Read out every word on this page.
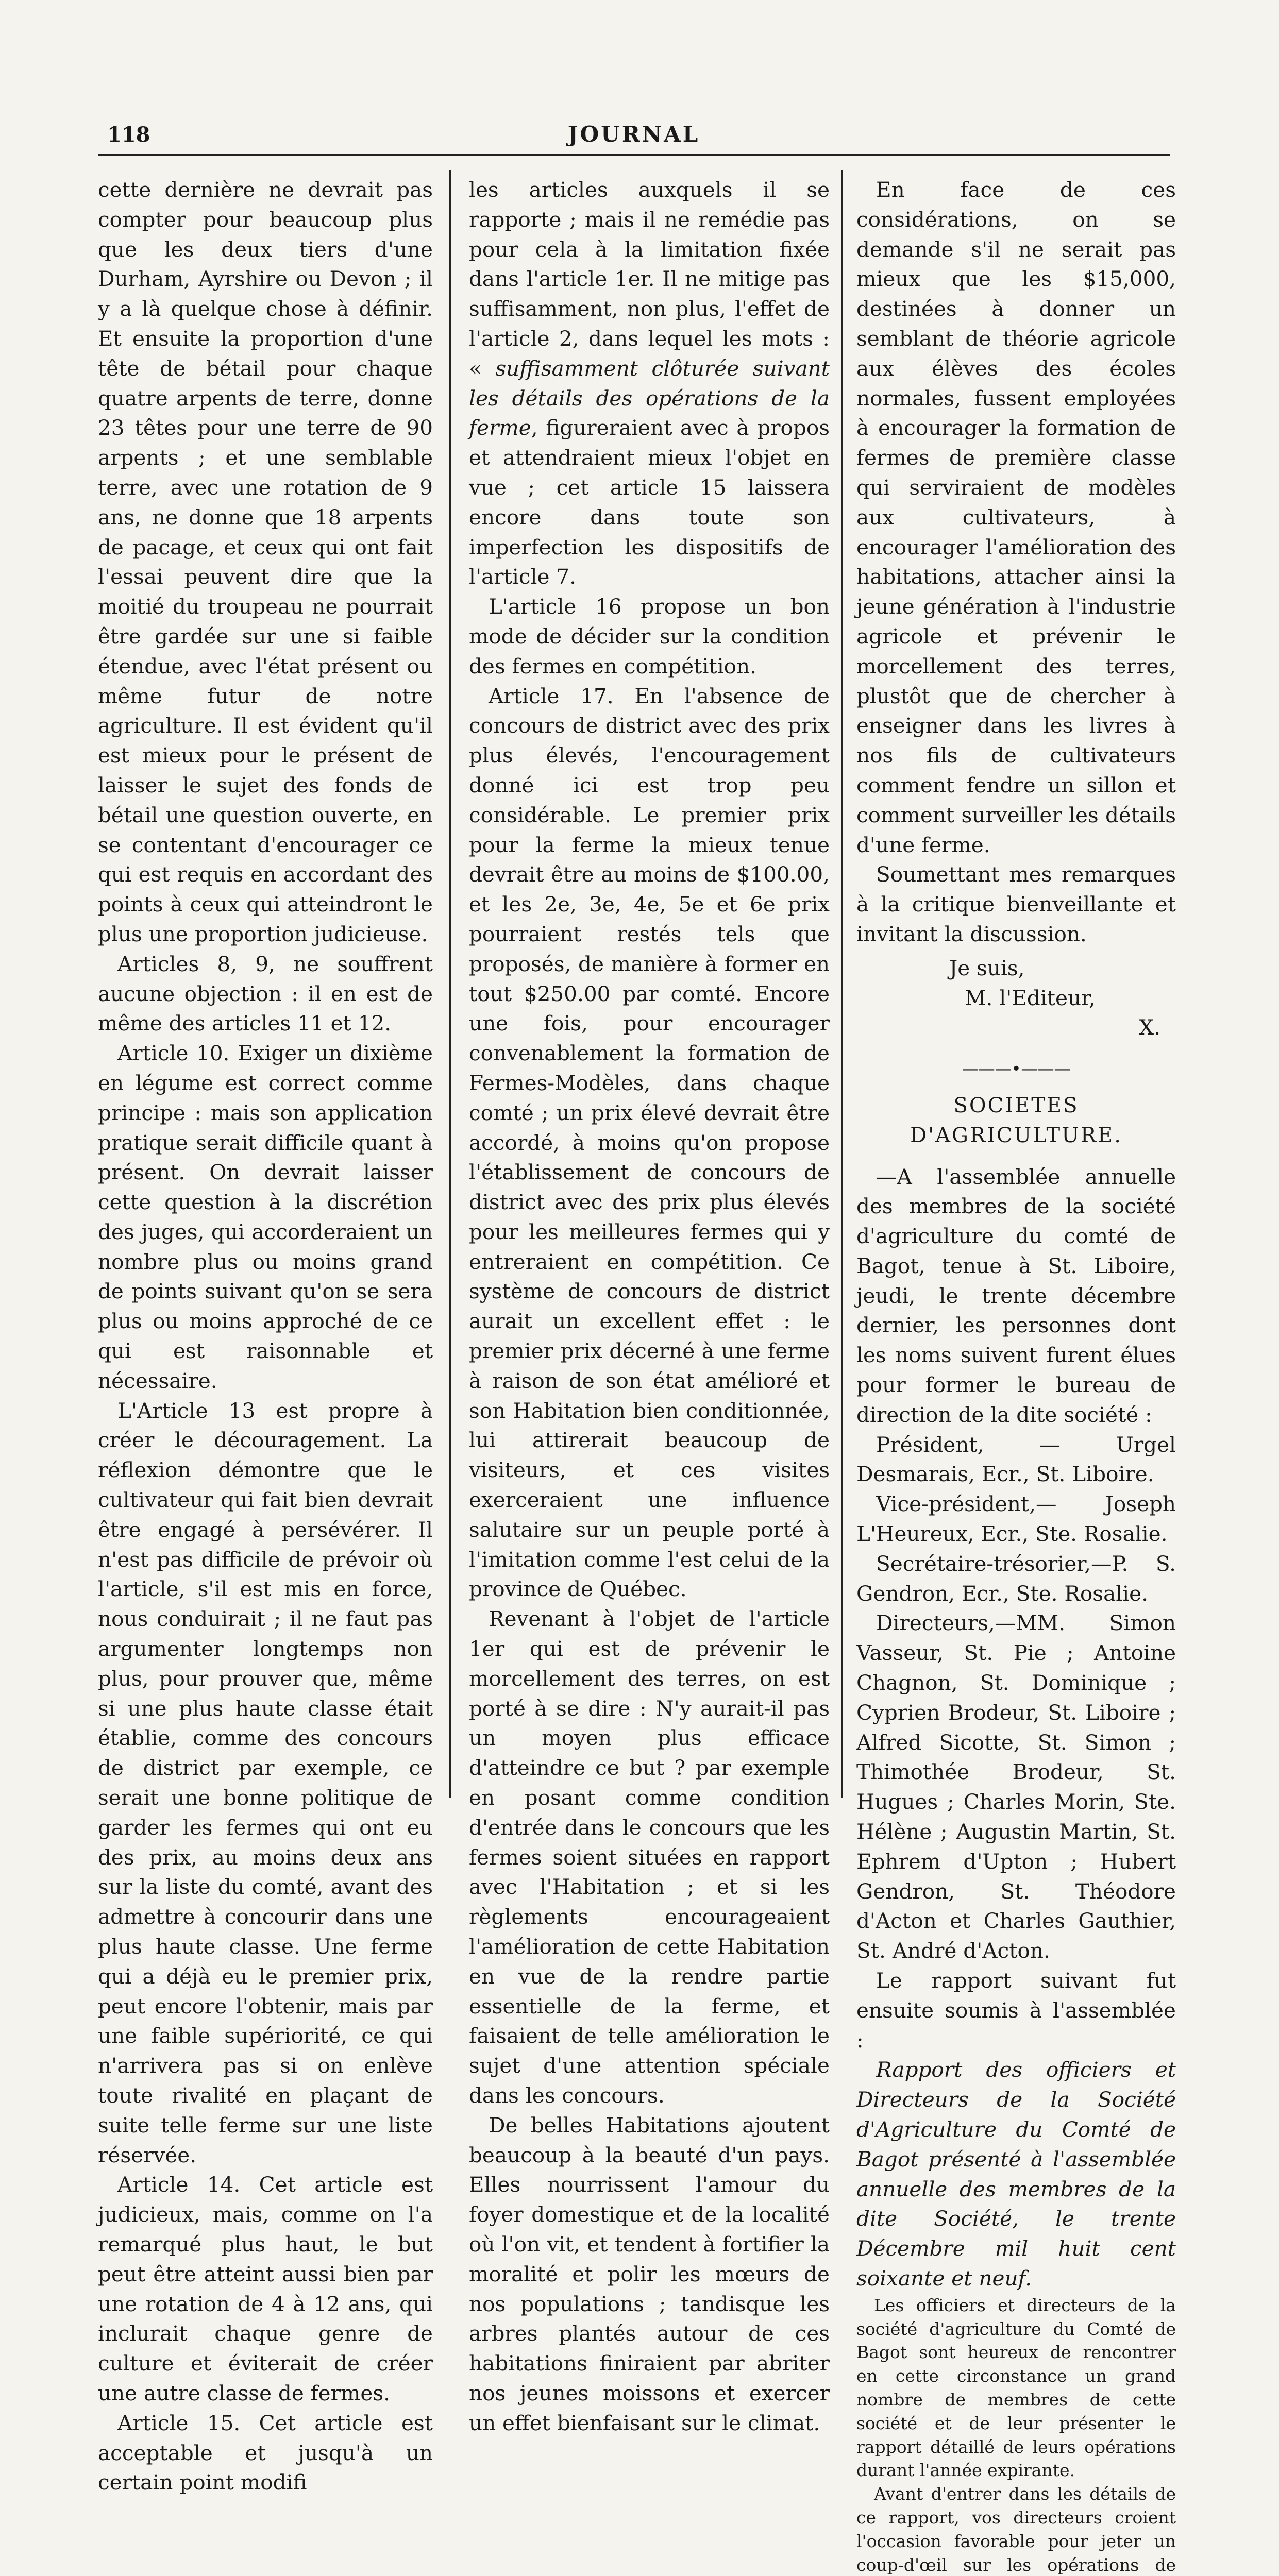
118	JOURNAL

cette dernière ne devrait pas compter pour beaucoup plus que les deux tiers d'une Durham, Ayrshire ou Devon ; il y a là quelque chose à définir. Et ensuite la proportion d'une tête de bétail pour chaque quatre arpents de terre, donne 23 têtes pour une terre de 90 arpents ; et une semblable terre, avec une rotation de 9 ans, ne donne que 18 arpents de pacage, et ceux qui ont fait l'essai peuvent dire que la moitié du troupeau ne pourrait être gardée sur une si faible étendue, avec l'état présent ou même futur de notre agriculture. Il est évident qu'il est mieux pour le présent de laisser le sujet des fonds de bétail une question ouverte, en se contentant d'encourager ce qui est requis en accordant des points à ceux qui atteindront le plus une proportion judicieuse.

Articles 8, 9, ne souffrent aucune objection : il en est de même des articles 11 et 12.

Article 10. Exiger un dixième en légume est correct comme principe : mais son application pratique serait difficile quant à présent. On devrait laisser cette question à la discrétion des juges, qui accorderaient un nombre plus ou moins grand de points suivant qu'on se sera plus ou moins approché de ce qui est raisonnable et nécessaire.

L'Article 13 est propre à créer le découragement. La réflexion démontre que le cultivateur qui fait bien devrait être engagé à persévérer. Il n'est pas difficile de prévoir où l'article, s'il est mis en force, nous conduirait ; il ne faut pas argumenter longtemps non plus, pour prouver que, même si une plus haute classe était établie, comme des concours de district par exemple, ce serait une bonne politique de garder les fermes qui ont eu des prix, au moins deux ans sur la liste du comté, avant des admettre à concourir dans une plus haute classe. Une ferme qui a déjà eu le premier prix, peut encore l'obtenir, mais par une faible supériorité, ce qui n'arrivera pas si on enlève toute rivalité en plaçant de suite telle ferme sur une liste réservée.

Article 14. Cet article est judicieux, mais, comme on l'a remarqué plus haut, le but peut être atteint aussi bien par une rotation de 4 à 12 ans, qui inclurait chaque genre de culture et éviterait de créer une autre classe de fermes.

Article 15. Cet article est acceptable et jusqu'à un certain point modifi

les articles auxquels il se rapporte ; mais il ne remédie pas pour cela à la limitation fixée dans l'article 1er. Il ne mitige pas suffisamment, non plus, l'effet de l'article 2, dans lequel les mots : « suffisamment clôturée suivant les détails des opérations de la ferme, figureraient avec à propos et attendraient mieux l'objet en vue ; cet article 15 laissera encore dans toute son imperfection les dispositifs de l'article 7.

L'article 16 propose un bon mode de décider sur la condition des fermes en compétition.

Article 17. En l'absence de concours de district avec des prix plus élevés, l'encouragement donné ici est trop peu considérable. Le premier prix pour la ferme la mieux tenue devrait être au moins de $100.00, et les 2e, 3e, 4e, 5e et 6e prix pourraient restés tels que proposés, de manière à former en tout $250.00 par comté. Encore une fois, pour encourager convenablement la formation de Fermes-Modèles, dans chaque comté ; un prix élevé devrait être accordé, à moins qu'on propose l'établissement de concours de district avec des prix plus élevés pour les meilleures fermes qui y entreraient en compétition. Ce système de concours de district aurait un excellent effet : le premier prix décerné à une ferme à raison de son état amélioré et son Habitation bien conditionnée, lui attirerait beaucoup de visiteurs, et ces visites exerceraient une influence salutaire sur un peuple porté à l'imitation comme l'est celui de la province de Québec.

Revenant à l'objet de l'article 1er qui est de prévenir le morcellement des terres, on est porté à se dire : N'y aurait-il pas un moyen plus efficace d'atteindre ce but ? par exemple en posant comme condition d'entrée dans le concours que les fermes soient situées en rapport avec l'Habitation ; et si les règlements encourageaient l'amélioration de cette Habitation en vue de la rendre partie essentielle de la ferme, et faisaient de telle amélioration le sujet d'une attention spéciale dans les concours.

De belles Habitations ajoutent beaucoup à la beauté d'un pays. Elles nourrissent l'amour du foyer domestique et de la localité où l'on vit, et tendent à fortifier la moralité et polir les mœurs de nos populations ; tandisque les arbres plantés autour de ces habitations finiraient par abriter nos jeunes moissons et exercer un effet bienfaisant sur le climat.

En face de ces considérations, on se demande s'il ne serait pas mieux que les $15,000, destinées à donner un semblant de théorie agricole aux élèves des écoles normales, fussent employées à encourager la formation de fermes de première classe qui serviraient de modèles aux cultivateurs, à encourager l'amélioration des habitations, attacher ainsi la jeune génération à l'industrie agricole et prévenir le morcellement des terres, plustôt que de chercher à enseigner dans les livres à nos fils de cultivateurs comment fendre un sillon et comment surveiller les détails d'une ferme.

Soumettant mes remarques à la critique bienveillante et invitant la discussion.

Je suis,
M. l'Editeur,
X.
———•———
SOCIETES D'AGRICULTURE.

—A l'assemblée annuelle des membres de la société d'agriculture du comté de Bagot, tenue à St. Liboire, jeudi, le trente décembre dernier, les personnes dont les noms suivent furent élues pour former le bureau de direction de la dite société :

Président, — Urgel Desmarais, Ecr., St. Liboire.

Vice-président,— Joseph L'Heureux, Ecr., Ste. Rosalie.

Secrétaire-trésorier,—P. S. Gendron, Ecr., Ste. Rosalie.

Directeurs,—MM. Simon Vasseur, St. Pie ; Antoine Chagnon, St. Dominique ; Cyprien Brodeur, St. Liboire ; Alfred Sicotte, St. Simon ; Thimothée Brodeur, St. Hugues ; Charles Morin, Ste. Hélène ; Augustin Martin, St. Ephrem d'Upton ; Hubert Gendron, St. Théodore d'Acton et Charles Gauthier, St. André d'Acton.

Le rapport suivant fut ensuite soumis à l'assemblée :

Rapport des officiers et Directeurs de la Société d'Agriculture du Comté de Bagot présenté à l'assemblée annuelle des membres de la dite Société, le trente Décembre mil huit cent soixante et neuf.

Les officiers et directeurs de la société d'agriculture du Comté de Bagot sont heureux de rencontrer en cette circonstance un grand nombre de membres de cette société et de leur présenter le rapport détaillé de leurs opérations durant l'année expirante.

Avant d'entrer dans les détails de ce rapport, vos directeurs croient l'occasion favorable pour jeter un coup-d'œil sur les opérations de
